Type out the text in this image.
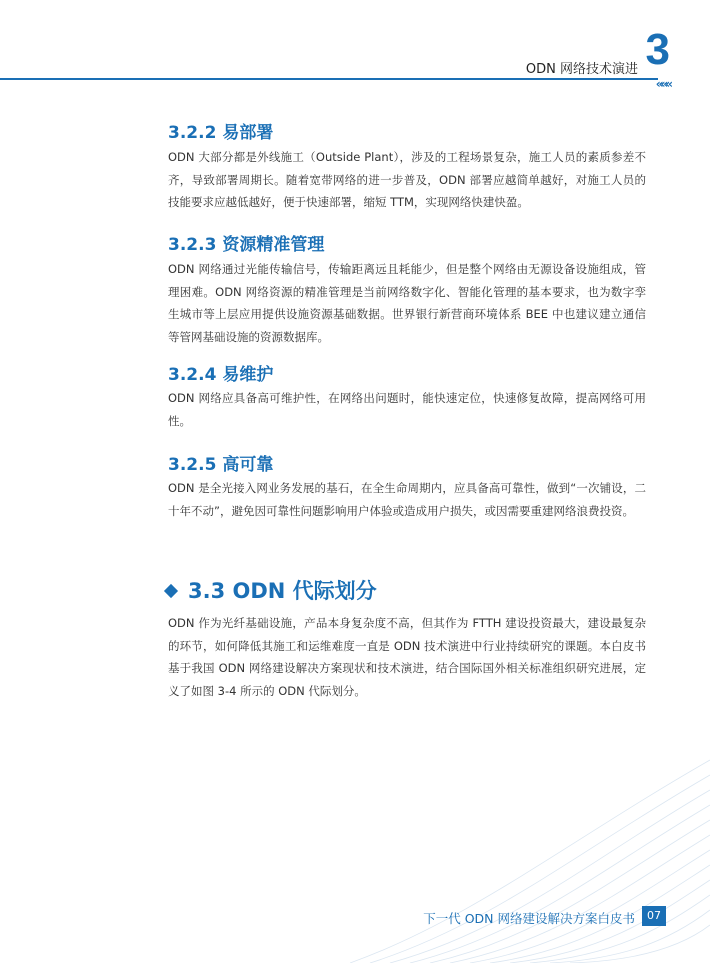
3
ODN 网络技术演进
«««
3.2.2 易部署

ODN 大部分都是外线施工（Outside Plant），涉及的工程场景复杂，施工人员的素质参差不齐，导致部署周期长。随着宽带网络的进一步普及，ODN 部署应越简单越好，对施工人员的技能要求应越低越好，便于快速部署，缩短 TTM，实现网络快建快盈。

3.2.3 资源精准管理

ODN 网络通过光能传输信号，传输距离远且耗能少，但是整个网络由无源设备设施组成，管理困难。ODN 网络资源的精准管理是当前网络数字化、智能化管理的基本要求，也为数字孪生城市等上层应用提供设施资源基础数据。世界银行新营商环境体系 BEE 中也建议建立通信等管网基础设施的资源数据库。

3.2.4 易维护

ODN 网络应具备高可维护性，在网络出问题时，能快速定位，快速修复故障，提高网络可用性。

3.2.5 高可靠

ODN 是全光接入网业务发展的基石，在全生命周期内，应具备高可靠性，做到“一次铺设，二十年不动”，避免因可靠性问题影响用户体验或造成用户损失，或因需要重建网络浪费投资。

3.3 ODN 代际划分

ODN 作为光纤基础设施，产品本身复杂度不高，但其作为 FTTH 建设投资最大，建设最复杂的环节，如何降低其施工和运维难度一直是 ODN 技术演进中行业持续研究的课题。本白皮书基于我国 ODN 网络建设解决方案现状和技术演进，结合国际国外相关标准组织研究进展，定义了如图 3-4 所示的 ODN 代际划分。

下一代 ODN 网络建设解决方案白皮书	07
